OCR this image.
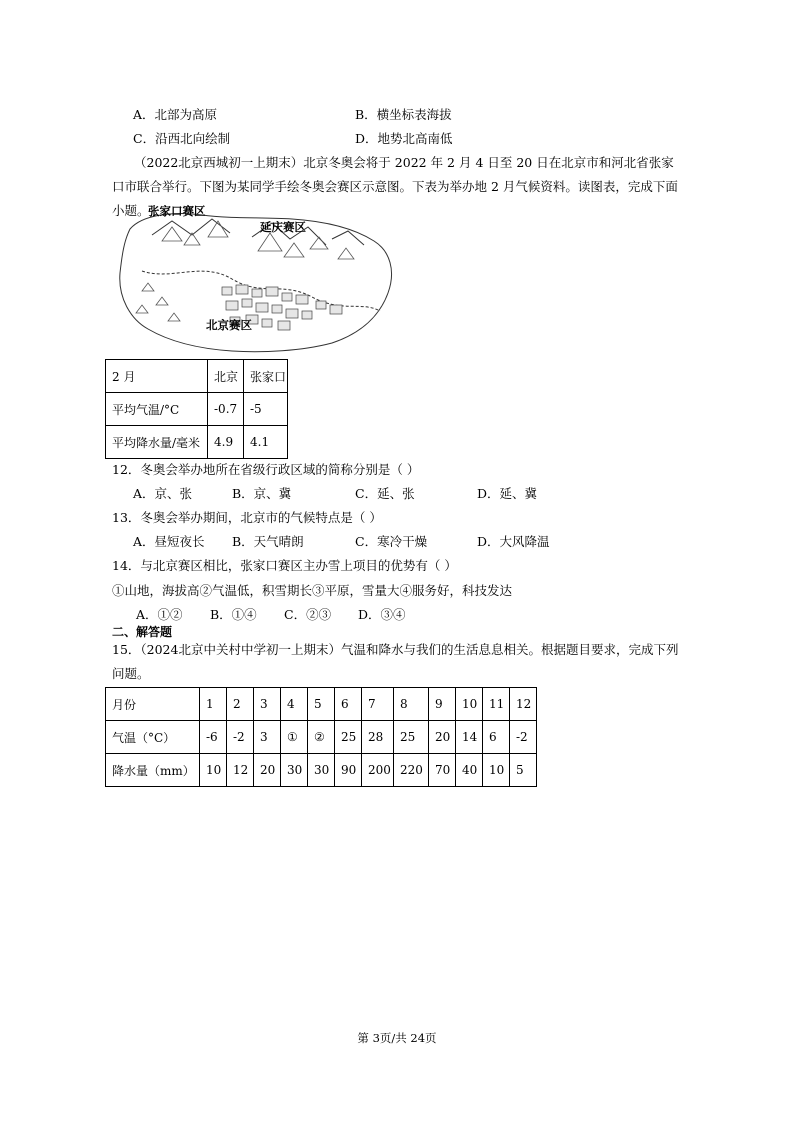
A．北部为高原	B．横坐标表海拔
C．沿西北向绘制	D．地势北高南低
（2022北京西城初一上期末）北京冬奥会将于 2022 年 2 月 4 日至 20 日在北京市和河北省张家口市联合举行。下图为某同学手绘冬奥会赛区示意图。下表为举办地 2 月气候资料。读图表，完成下面小题。
张家口赛区
延庆赛区
北京赛区
2 月	北京	张家口
平均气温/°C	-0.7	-5
平均降水量/毫米	4.9	4.1
12．冬奥会举办地所在省级行政区域的简称分别是（ ）
A．京、张	B．京、冀	C．延、张	D．延、冀
13．冬奥会举办期间，北京市的气候特点是（ ）
A．昼短夜长 B．天气晴朗	C．寒冷干燥	D．大风降温
14．与北京赛区相比，张家口赛区主办雪上项目的优势有（ ）
①山地，海拔高②气温低，积雪期长③平原，雪量大④服务好，科技发达
A．①② B．①④ C．②③ D．③④
二、解答题
15．（2024北京中关村中学初一上期末）气温和降水与我们的生活息息相关。根据题目要求，完成下列问题。
月份	1	2	3	4	5	6	7	8	9	10	11	12
气温（°C）	-6	-2	3	①	②	25	28	25	20	14	6	-2
降水量（mm）	10	12	20	30	30	90	200	220	70	40	10	5
第 3页/共 24页
